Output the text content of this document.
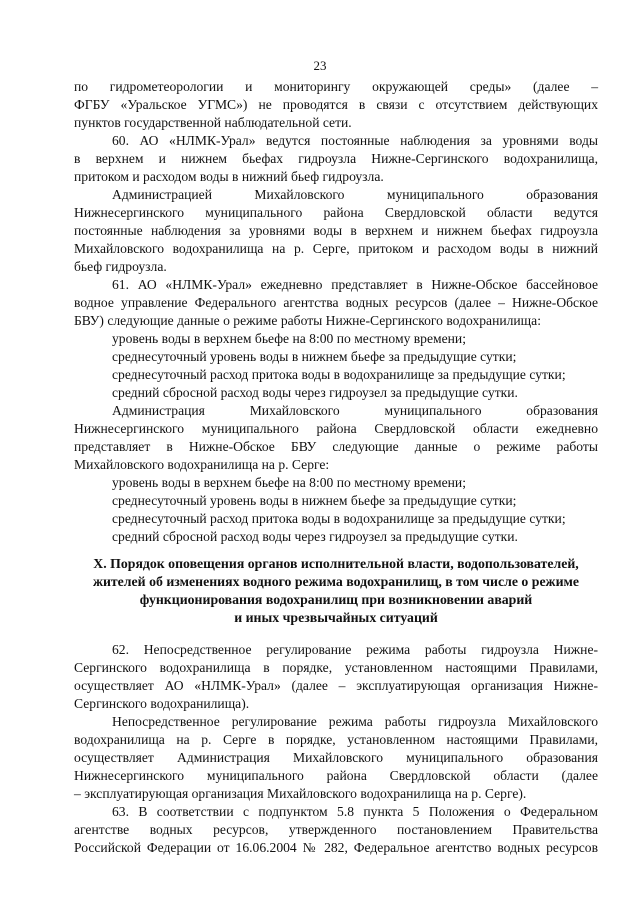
23
по гидрометеорологии и мониторингу окружающей среды» (далее –
ФГБУ «Уральское УГМС») не проводятся в связи с отсутствием действующих
пунктов государственной наблюдательной сети.
60. АО «НЛМК-Урал» ведутся постоянные наблюдения за уровнями воды
в верхнем и нижнем бьефах гидроузла Нижне-Сергинского водохранилища,
притоком и расходом воды в нижний бьеф гидроузла.
Администрацией Михайловского муниципального образования
Нижнесергинского муниципального района Свердловской области ведутся
постоянные наблюдения за уровнями воды в верхнем и нижнем бьефах гидроузла
Михайловского водохранилища на р. Серге, притоком и расходом воды в нижний
бьеф гидроузла.
61. АО «НЛМК-Урал» ежедневно представляет в Нижне-Обское бассейновое
водное управление Федерального агентства водных ресурсов (далее – Нижне-Обское
БВУ) следующие данные о режиме работы Нижне-Сергинского водохранилища:
уровень воды в верхнем бьефе на 8:00 по местному времени;
среднесуточный уровень воды в нижнем бьефе за предыдущие сутки;
среднесуточный расход притока воды в водохранилище за предыдущие сутки;
средний сбросной расход воды через гидроузел за предыдущие сутки.
Администрация Михайловского муниципального образования
Нижнесергинского муниципального района Свердловской области ежедневно
представляет в Нижне-Обское БВУ следующие данные о режиме работы
Михайловского водохранилища на р. Серге:
уровень воды в верхнем бьефе на 8:00 по местному времени;
среднесуточный уровень воды в нижнем бьефе за предыдущие сутки;
среднесуточный расход притока воды в водохранилище за предыдущие сутки;
средний сбросной расход воды через гидроузел за предыдущие сутки.
X. Порядок оповещения органов исполнительной власти, водопользователей,
жителей об изменениях водного режима водохранилищ, в том числе о режиме
функционирования водохранилищ при возникновении аварий
и иных чрезвычайных ситуаций
62. Непосредственное регулирование режима работы гидроузла Нижне-
Сергинского водохранилища в порядке, установленном настоящими Правилами,
осуществляет АО «НЛМК-Урал» (далее – эксплуатирующая организация Нижне-
Сергинского водохранилища).
Непосредственное регулирование режима работы гидроузла Михайловского
водохранилища на р. Серге в порядке, установленном настоящими Правилами,
осуществляет Администрация Михайловского муниципального образования
Нижнесергинского муниципального района Свердловской области (далее
– эксплуатирующая организация Михайловского водохранилища на р. Серге).
63. В соответствии с подпунктом 5.8 пункта 5 Положения о Федеральном
агентстве водных ресурсов, утвержденного постановлением Правительства
Российской Федерации от 16.06.2004 № 282, Федеральное агентство водных ресурсов
